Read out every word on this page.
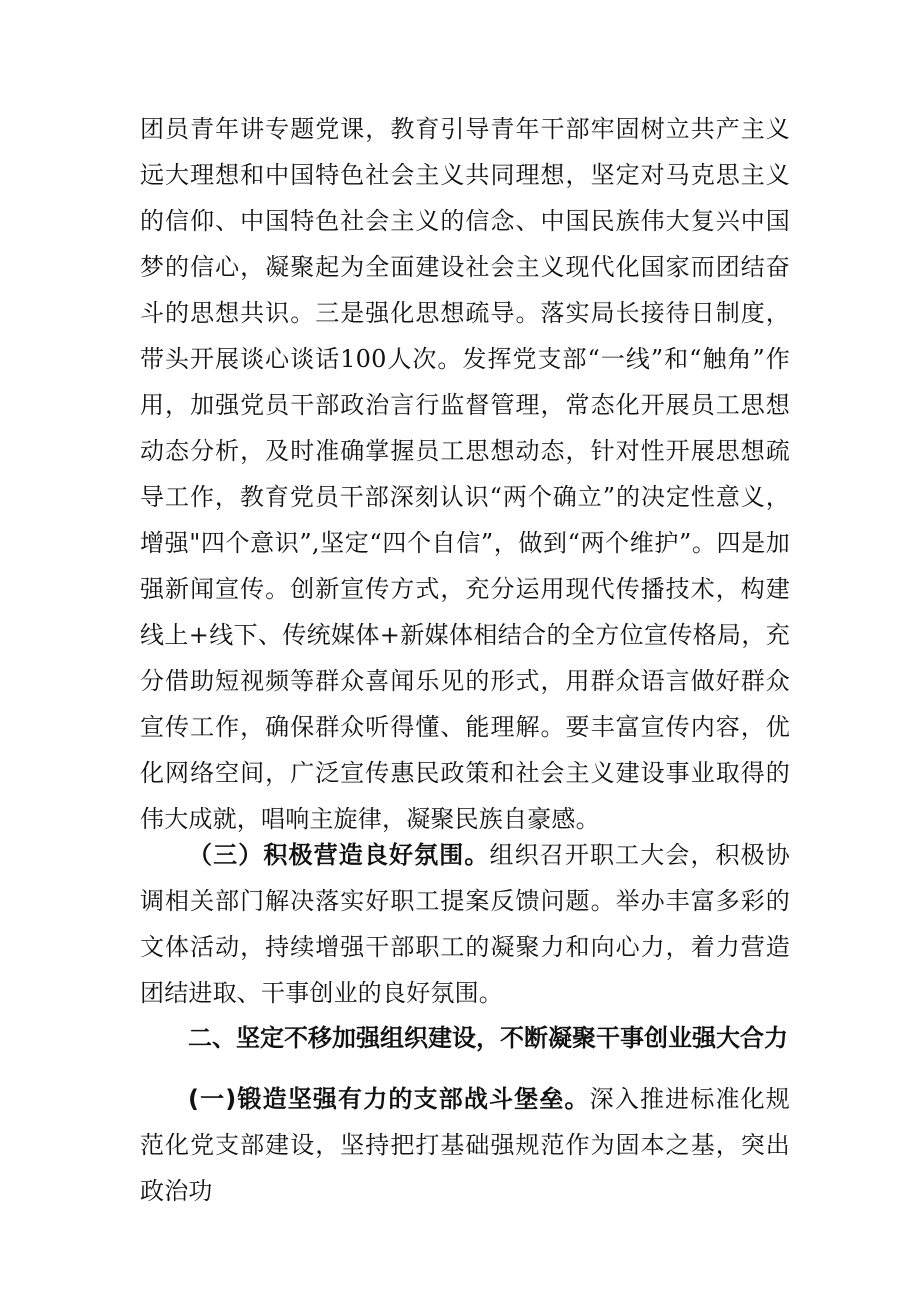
团员青年讲专题党课，教育引导青年干部牢固树立共产主义远大理想和中国特色社会主义共同理想，坚定对马克思主义的信仰、中国特色社会主义的信念、中国民族伟大复兴中国梦的信心，凝聚起为全面建设社会主义现代化国家而团结奋斗的思想共识。三是强化思想疏导。落实局长接待日制度，带头开展谈心谈话100人次。发挥党支部“一线”和“触角”作用，加强党员干部政治言行监督管理，常态化开展员工思想动态分析，及时准确掌握员工思想动态，针对性开展思想疏导工作，教育党员干部深刻认识“两个确立”的决定性意义，增强"四个意识”,坚定“四个自信”，做到“两个维护”。四是加强新闻宣传。创新宣传方式，充分运用现代传播技术，构建线上+线下、传统媒体+新媒体相结合的全方位宣传格局，充分借助短视频等群众喜闻乐见的形式，用群众语言做好群众宣传工作，确保群众听得懂、能理解。要丰富宣传内容，优化网络空间，广泛宣传惠民政策和社会主义建设事业取得的伟大成就，唱响主旋律，凝聚民族自豪感。

（三）积极营造良好氛围。组织召开职工大会，积极协调相关部门解决落实好职工提案反馈问题。举办丰富多彩的文体活动，持续增强干部职工的凝聚力和向心力，着力营造团结进取、干事创业的良好氛围。

二、坚定不移加强组织建设，不断凝聚干事创业强大合力

(一)锻造坚强有力的支部战斗堡垒。深入推进标准化规范化党支部建设，坚持把打基础强规范作为固本之基，突出政治功
